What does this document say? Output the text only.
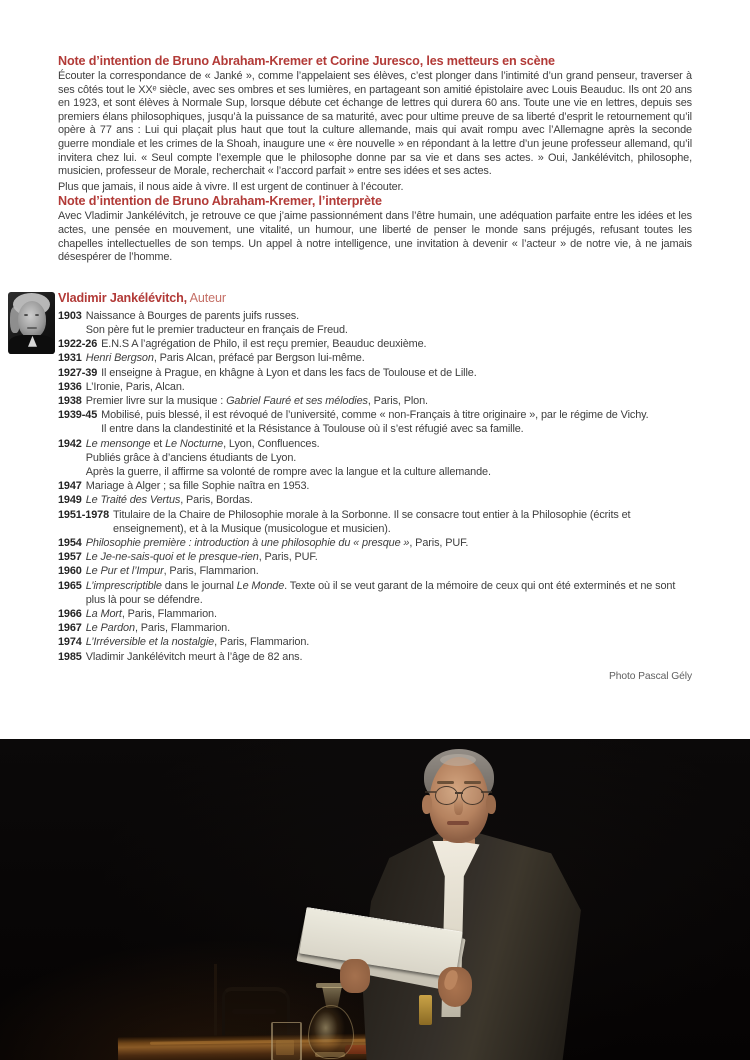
Note d’intention de Bruno Abraham-Kremer et Corine Juresco, les metteurs en scène

Écouter la correspondance de « Janké », comme l’appelaient ses élèves, c’est plonger dans l’intimité d’un grand penseur, traverser à ses côtés tout le XXᵉ siècle, avec ses ombres et ses lumières, en partageant son amitié épistolaire avec Louis Beauduc. Ils ont 20 ans en 1923, et sont élèves à Normale Sup, lorsque débute cet échange de lettres qui durera 60 ans. Toute une vie en lettres, depuis ses premiers élans philosophiques, jusqu’à la puissance de sa maturité, avec pour ultime preuve de sa liberté d’esprit le retournement qu’il opère à 77 ans : Lui qui plaçait plus haut que tout la culture allemande, mais qui avait rompu avec l’Allemagne après la seconde guerre mondiale et les crimes de la Shoah, inaugure une « ère nouvelle » en répondant à la lettre d’un jeune professeur allemand, qu’il invitera chez lui. « Seul compte l’exemple que le philosophe donne par sa vie et dans ses actes. » Oui, Jankélévitch, philosophe, musicien, professeur de Morale, recherchait « l’accord parfait » entre ses idées et ses actes.

Plus que jamais, il nous aide à vivre. Il est urgent de continuer à l’écouter.

Note d’intention de Bruno Abraham-Kremer, l’interprète

Avec Vladimir Jankélévitch, je retrouve ce que j’aime passionnément dans l’être humain, une adéquation parfaite entre les idées et les actes, une pensée en mouvement, une vitalité, un humour, une liberté de penser le monde sans préjugés, refusant toutes les chapelles intellectuelles de son temps. Un appel à notre intelligence, une invitation à devenir « l’acteur » de notre vie, à ne jamais désespérer de l’homme.

Vladimir Jankélévitch, Auteur
1903 Naissance à Bourges de parents juifs russes.
Son père fut le premier traducteur en français de Freud.
1922-26 E.N.S A l’agrégation de Philo, il est reçu premier, Beauduc deuxième.
1931 Henri Bergson, Paris Alcan, préfacé par Bergson lui-même.
1927-39 Il enseigne à Prague, en khâgne à Lyon et dans les facs de Toulouse et de Lille.
1936 L’Ironie, Paris, Alcan.
1938 Premier livre sur la musique : Gabriel Fauré et ses mélodies, Paris, Plon.
1939-45 Mobilisé, puis blessé, il est révoqué de l’université, comme « non-Français à titre originaire », par le régime de Vichy.
Il entre dans la clandestinité et la Résistance à Toulouse où il s’est réfugié avec sa famille.
1942 Le mensonge et Le Nocturne, Lyon, Confluences.
Publiés grâce à d’anciens étudiants de Lyon.
Après la guerre, il affirme sa volonté de rompre avec la langue et la culture allemande.
1947 Mariage à Alger ; sa fille Sophie naîtra en 1953.
1949 Le Traité des Vertus, Paris, Bordas.
1951-1978 Titulaire de la Chaire de Philosophie morale à la Sorbonne. Il se consacre tout entier à la Philosophie (écrits et enseignement), et à la Musique (musicologue et musicien).
1954 Philosophie première : introduction à une philosophie du « presque », Paris, PUF.
1957 Le Je-ne-sais-quoi et le presque-rien, Paris, PUF.
1960 Le Pur et l’Impur, Paris, Flammarion.
1965 L’imprescriptible dans le journal Le Monde. Texte où il se veut garant de la mémoire de ceux qui ont été exterminés et ne sont plus là pour se défendre.
1966 La Mort, Paris, Flammarion.
1967 Le Pardon, Paris, Flammarion.
1974 L’Irréversible et la nostalgie, Paris, Flammarion.
1985 Vladimir Jankélévitch meurt à l’âge de 82 ans.
Photo Pascal Gély
